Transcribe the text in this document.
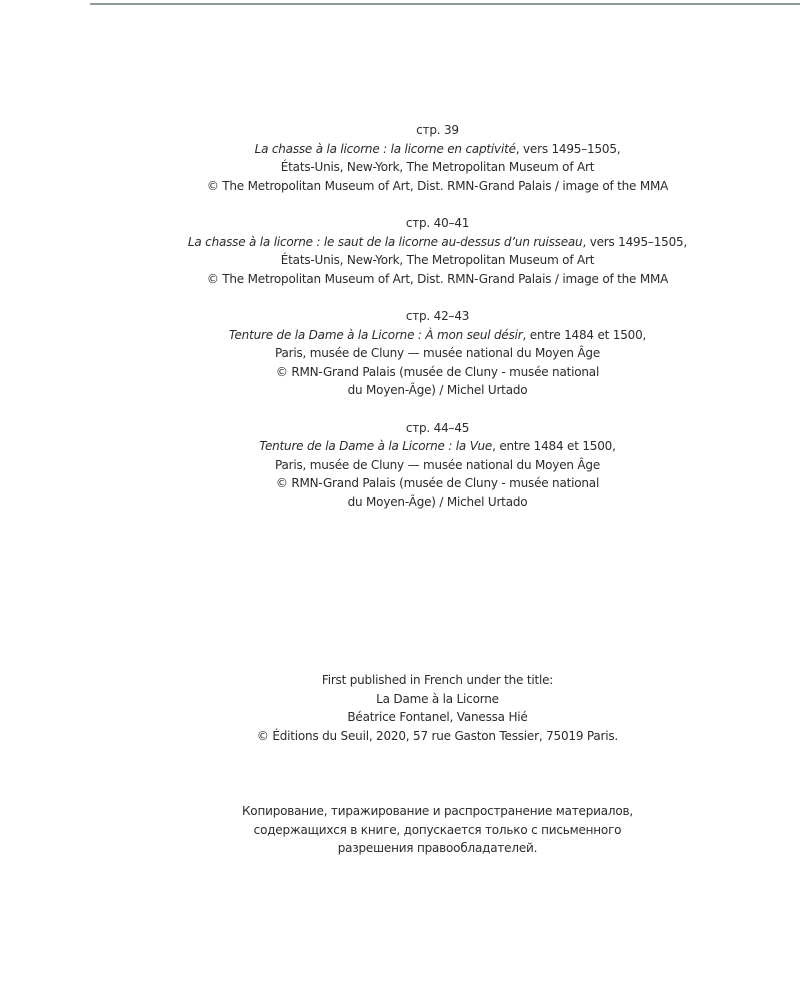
стр. 39
La chasse à la licorne : la licorne en captivité, vers 1495–1505,
États-Unis, New-York, The Metropolitan Museum of Art
© The Metropolitan Museum of Art, Dist. RMN-Grand Palais / image of the MMA
стр. 40–41
La chasse à la licorne : le saut de la licorne au-dessus d’un ruisseau, vers 1495–1505,
États-Unis, New-York, The Metropolitan Museum of Art
© The Metropolitan Museum of Art, Dist. RMN-Grand Palais / image of the MMA
стр. 42–43
Tenture de la Dame à la Licorne : À mon seul désir, entre 1484 et 1500,
Paris, musée de Cluny — musée national du Moyen Âge
© RMN-Grand Palais (musée de Cluny - musée national
du Moyen-Âge) / Michel Urtado
стр. 44–45
Tenture de la Dame à la Licorne : la Vue, entre 1484 et 1500,
Paris, musée de Cluny — musée national du Moyen Âge
© RMN-Grand Palais (musée de Cluny - musée national
du Moyen-Âge) / Michel Urtado
First published in French under the title:
La Dame à la Licorne
Béatrice Fontanel, Vanessa Hié
© Éditions du Seuil, 2020, 57 rue Gaston Tessier, 75019 Paris.
Копирование, тиражирование и распространение материалов,
содержащихся в книге, допускается только с письменного
разрешения правообладателей.
